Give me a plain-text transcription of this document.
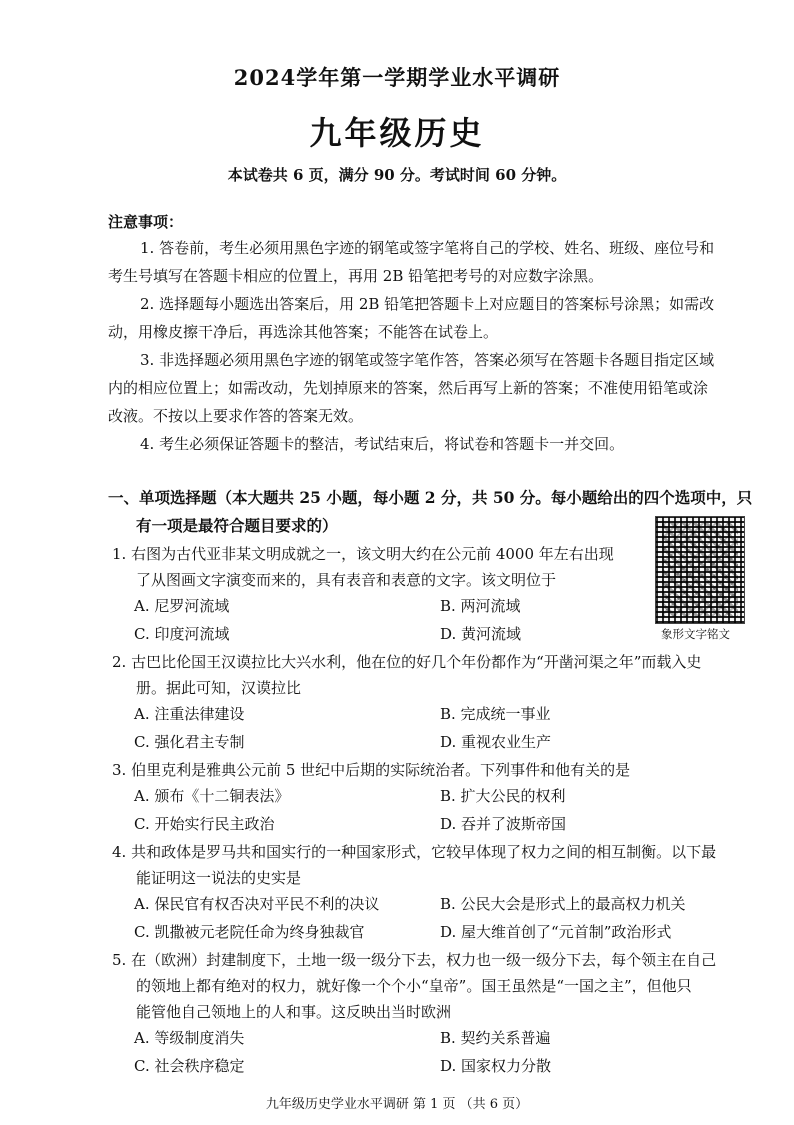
2024学年第一学期学业水平调研
九年级历史
本试卷共 6 页，满分 90 分。考试时间 60 分钟。
注意事项：
1. 答卷前，考生必须用黑色字迹的钢笔或签字笔将自己的学校、姓名、班级、座位号和
考生号填写在答题卡相应的位置上，再用 2B 铅笔把考号的对应数字涂黑。
2. 选择题每小题选出答案后，用 2B 铅笔把答题卡上对应题目的答案标号涂黑；如需改
动，用橡皮擦干净后，再选涂其他答案；不能答在试卷上。
3. 非选择题必须用黑色字迹的钢笔或签字笔作答，答案必须写在答题卡各题目指定区域
内的相应位置上；如需改动，先划掉原来的答案，然后再写上新的答案；不准使用铅笔或涂
改液。不按以上要求作答的答案无效。
4. 考生必须保证答题卡的整洁，考试结束后，将试卷和答题卡一并交回。
一、单项选择题（本大题共 25 小题，每小题 2 分，共 50 分。每小题给出的四个选项中，只
有一项是最符合题目要求的）
象形文字铭文
1. 右图为古代亚非某文明成就之一，该文明大约在公元前 4000 年左右出现
了从图画文字演变而来的，具有表音和表意的文字。该文明位于
A. 尼罗河流域	B. 两河流域
C. 印度河流域	D. 黄河流域
2. 古巴比伦国王汉谟拉比大兴水利，他在位的好几个年份都作为“开凿河渠之年”而载入史
册。据此可知，汉谟拉比
A. 注重法律建设	B. 完成统一事业
C. 强化君主专制	D. 重视农业生产
3. 伯里克利是雅典公元前 5 世纪中后期的实际统治者。下列事件和他有关的是
A. 颁布《十二铜表法》	B. 扩大公民的权利
C. 开始实行民主政治	D. 吞并了波斯帝国
4. 共和政体是罗马共和国实行的一种国家形式，它较早体现了权力之间的相互制衡。以下最
能证明这一说法的史实是
A. 保民官有权否决对平民不利的决议	B. 公民大会是形式上的最高权力机关
C. 凯撒被元老院任命为终身独裁官	D. 屋大维首创了“元首制”政治形式
5. 在（欧洲）封建制度下，土地一级一级分下去，权力也一级一级分下去，每个领主在自己
的领地上都有绝对的权力，就好像一个个小“皇帝”。国王虽然是“一国之主”，但他只
能管他自己领地上的人和事。这反映出当时欧洲
A. 等级制度消失	B. 契约关系普遍
C. 社会秩序稳定	D. 国家权力分散
九年级历史学业水平调研 第 1 页 （共 6 页）
